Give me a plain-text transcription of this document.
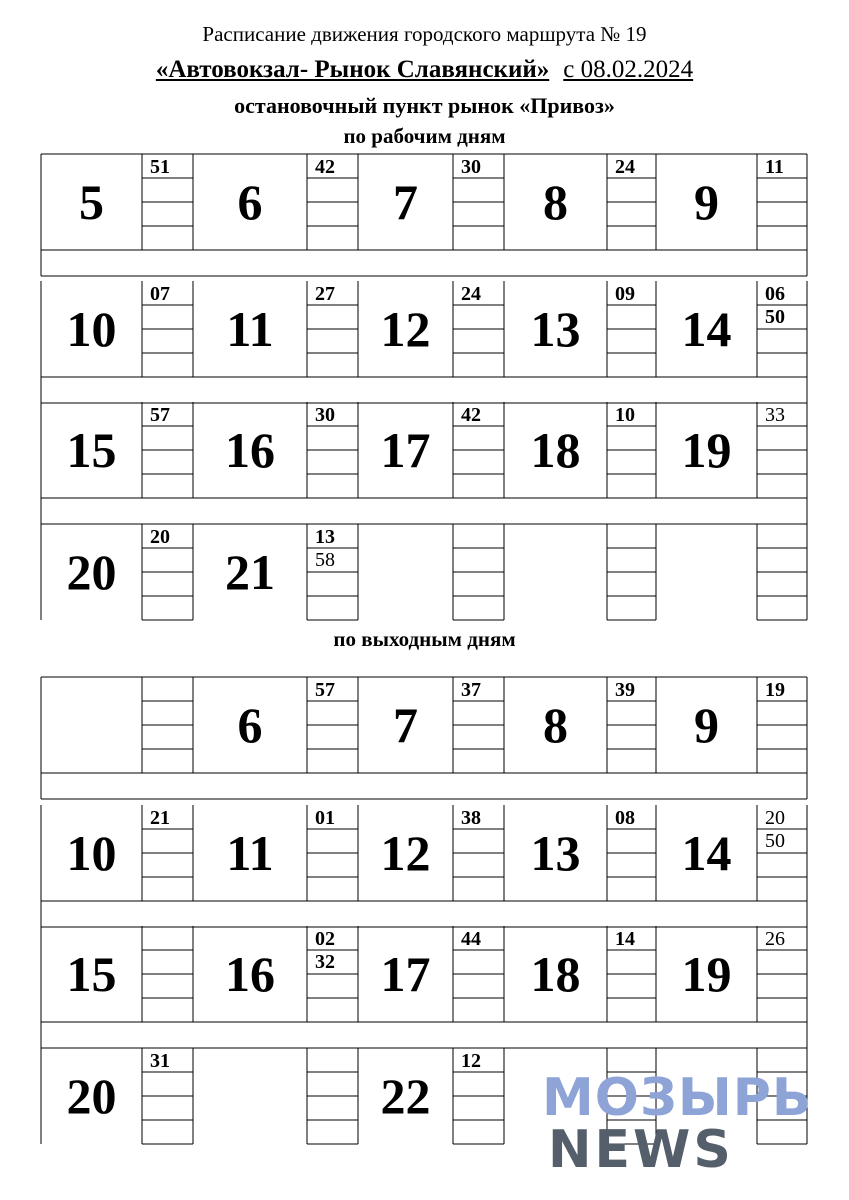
Расписание движения городского маршрута № 19
«Автовокзал- Рынок Славянский» с 08.02.2024
остановочный пункт рынок «Привоз»
по рабочим дням
по выходным дням
5
51
6
42
7
30
8
24
9
11
10
07
11
27
12
24
13
09
14
06
50
15
57
16
30
17
42
18
10
19
33
20
20
21
13
58
6
57
7
37
8
39
9
19
10
21
11
01
12
38
13
08
14
20
50
15	16
02
32 17
44
18
14
19
26
20
31
22
12
МОЗЫРЬ
NEWS
